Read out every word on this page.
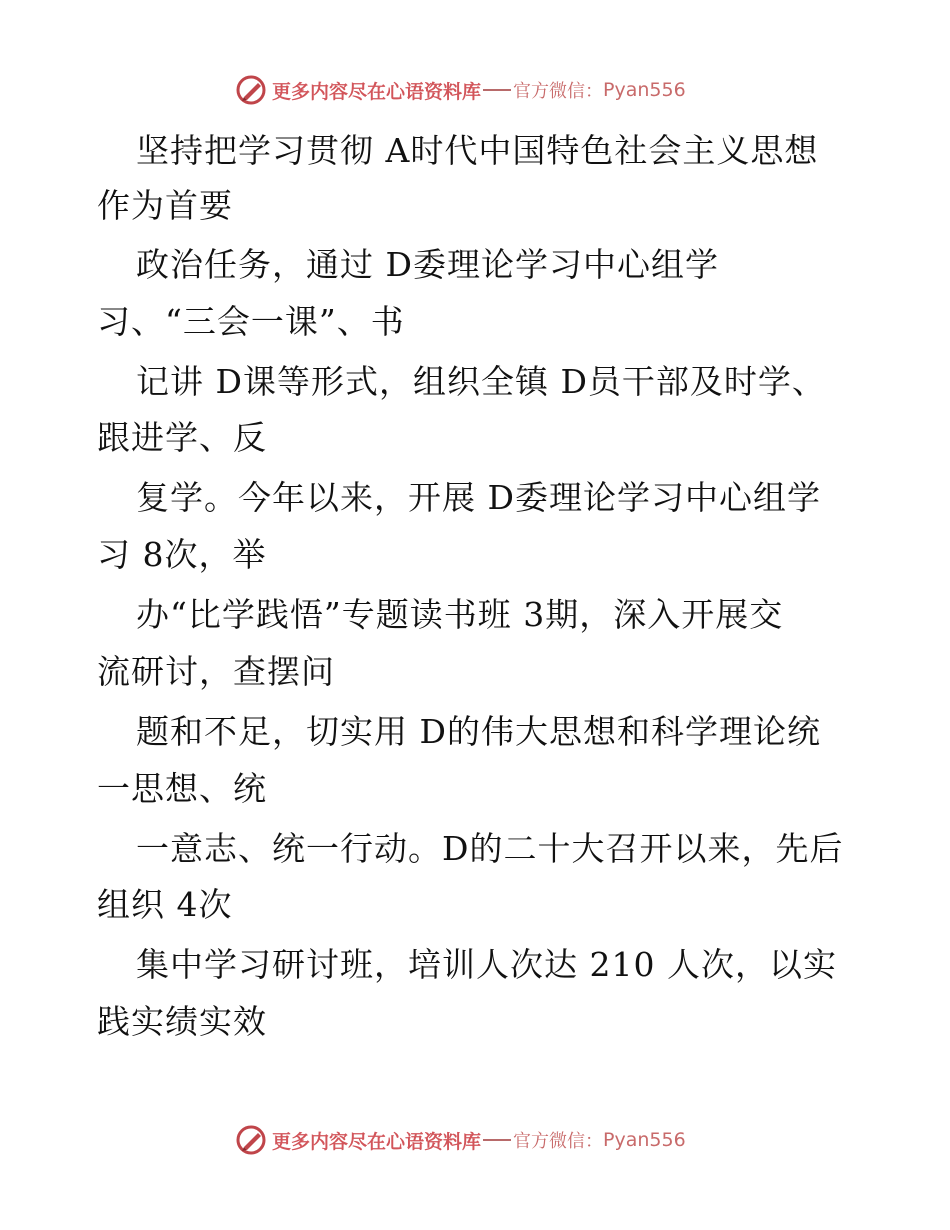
更多内容尽在心语资料库 官方微信： Pyan556
坚持把学习贯彻 A时代中国特色社会主义思想
作为首要
政治任务，通过 D委理论学习中心组学
习、“三会一课”、书
记讲 D课等形式，组织全镇 D员干部及时学、
跟进学、反
复学。今年以来，开展 D委理论学习中心组学
习 8次，举
办“比学践悟”专题读书班 3期，深入开展交
流研讨，查摆问
题和不足，切实用 D的伟大思想和科学理论统
一思想、统
一意志、统一行动。D的二十大召开以来，先后
组织 4次
集中学习研讨班，培训人次达 210 人次，以实
践实绩实效
更多内容尽在心语资料库 官方微信： Pyan556
